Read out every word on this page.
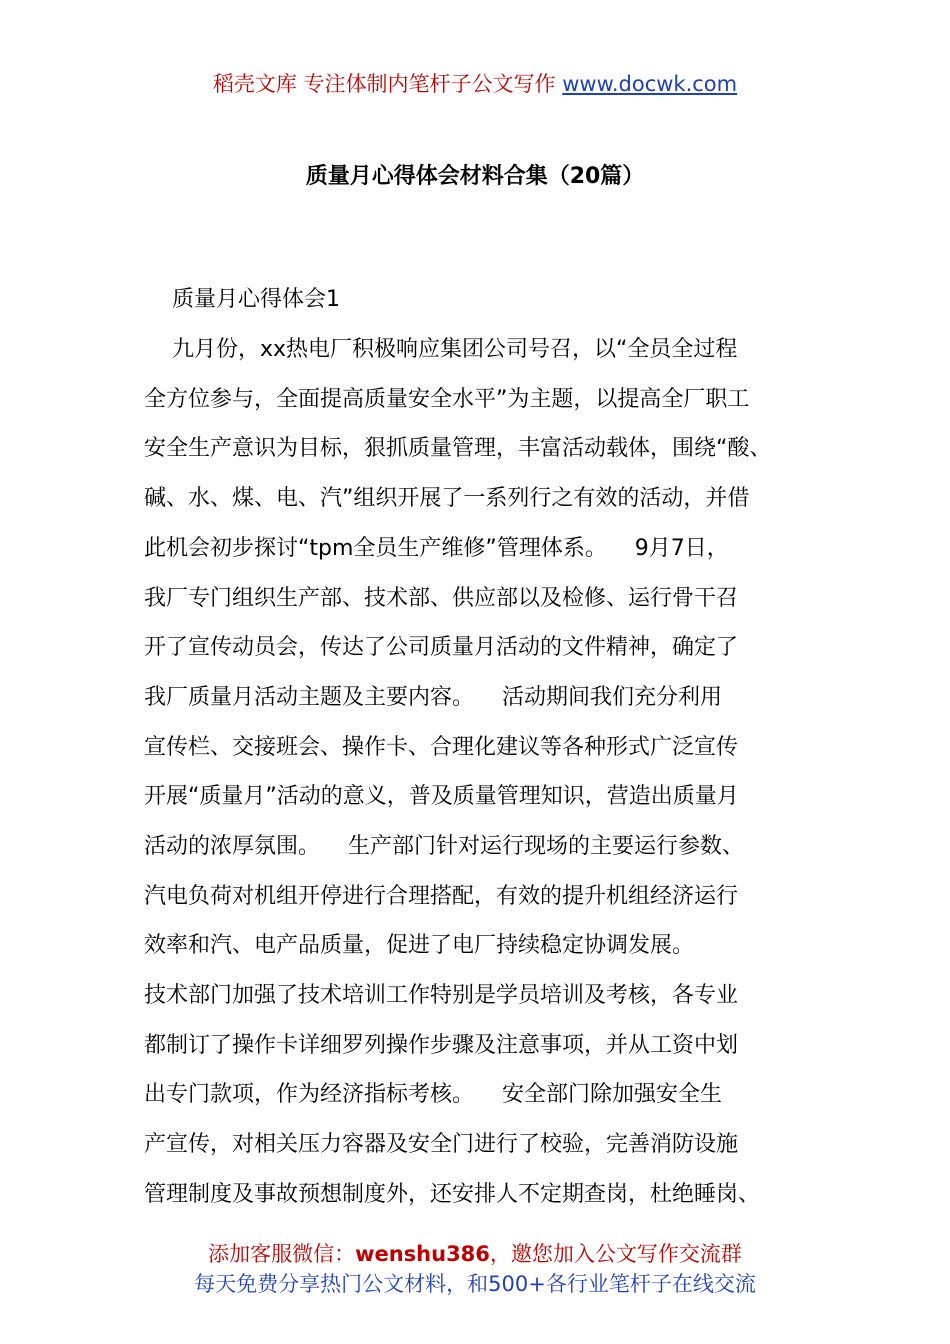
稻壳文库 专注体制内笔杆子公文写作 www.docwk.com
质量月心得体会材料合集（20篇）
质量月心得体会1
九月份，xx热电厂积极响应集团公司号召，以“全员全过程
全方位参与，全面提高质量安全水平”为主题，以提高全厂职工
安全生产意识为目标，狠抓质量管理，丰富活动载体，围绕“酸、
碱、水、煤、电、汽”组织开展了一系列行之有效的活动，并借
此机会初步探讨“tpm全员生产维修”管理体系。    9月7日，
我厂专门组织生产部、技术部、供应部以及检修、运行骨干召
开了宣传动员会，传达了公司质量月活动的文件精神，确定了
我厂质量月活动主题及主要内容。    活动期间我们充分利用
宣传栏、交接班会、操作卡、合理化建议等各种形式广泛宣传
开展“质量月”活动的意义，普及质量管理知识，营造出质量月
活动的浓厚氛围。    生产部门针对运行现场的主要运行参数、
汽电负荷对机组开停进行合理搭配，有效的提升机组经济运行
效率和汽、电产品质量，促进了电厂持续稳定协调发展。
技术部门加强了技术培训工作特别是学员培训及考核，各专业
都制订了操作卡详细罗列操作步骤及注意事项，并从工资中划
出专门款项，作为经济指标考核。    安全部门除加强安全生
产宣传，对相关压力容器及安全门进行了校验，完善消防设施
管理制度及事故预想制度外，还安排人不定期查岗，杜绝睡岗、
添加客服微信：wenshu386，邀您加入公文写作交流群
每天免费分享热门公文材料，和500+各行业笔杆子在线交流
